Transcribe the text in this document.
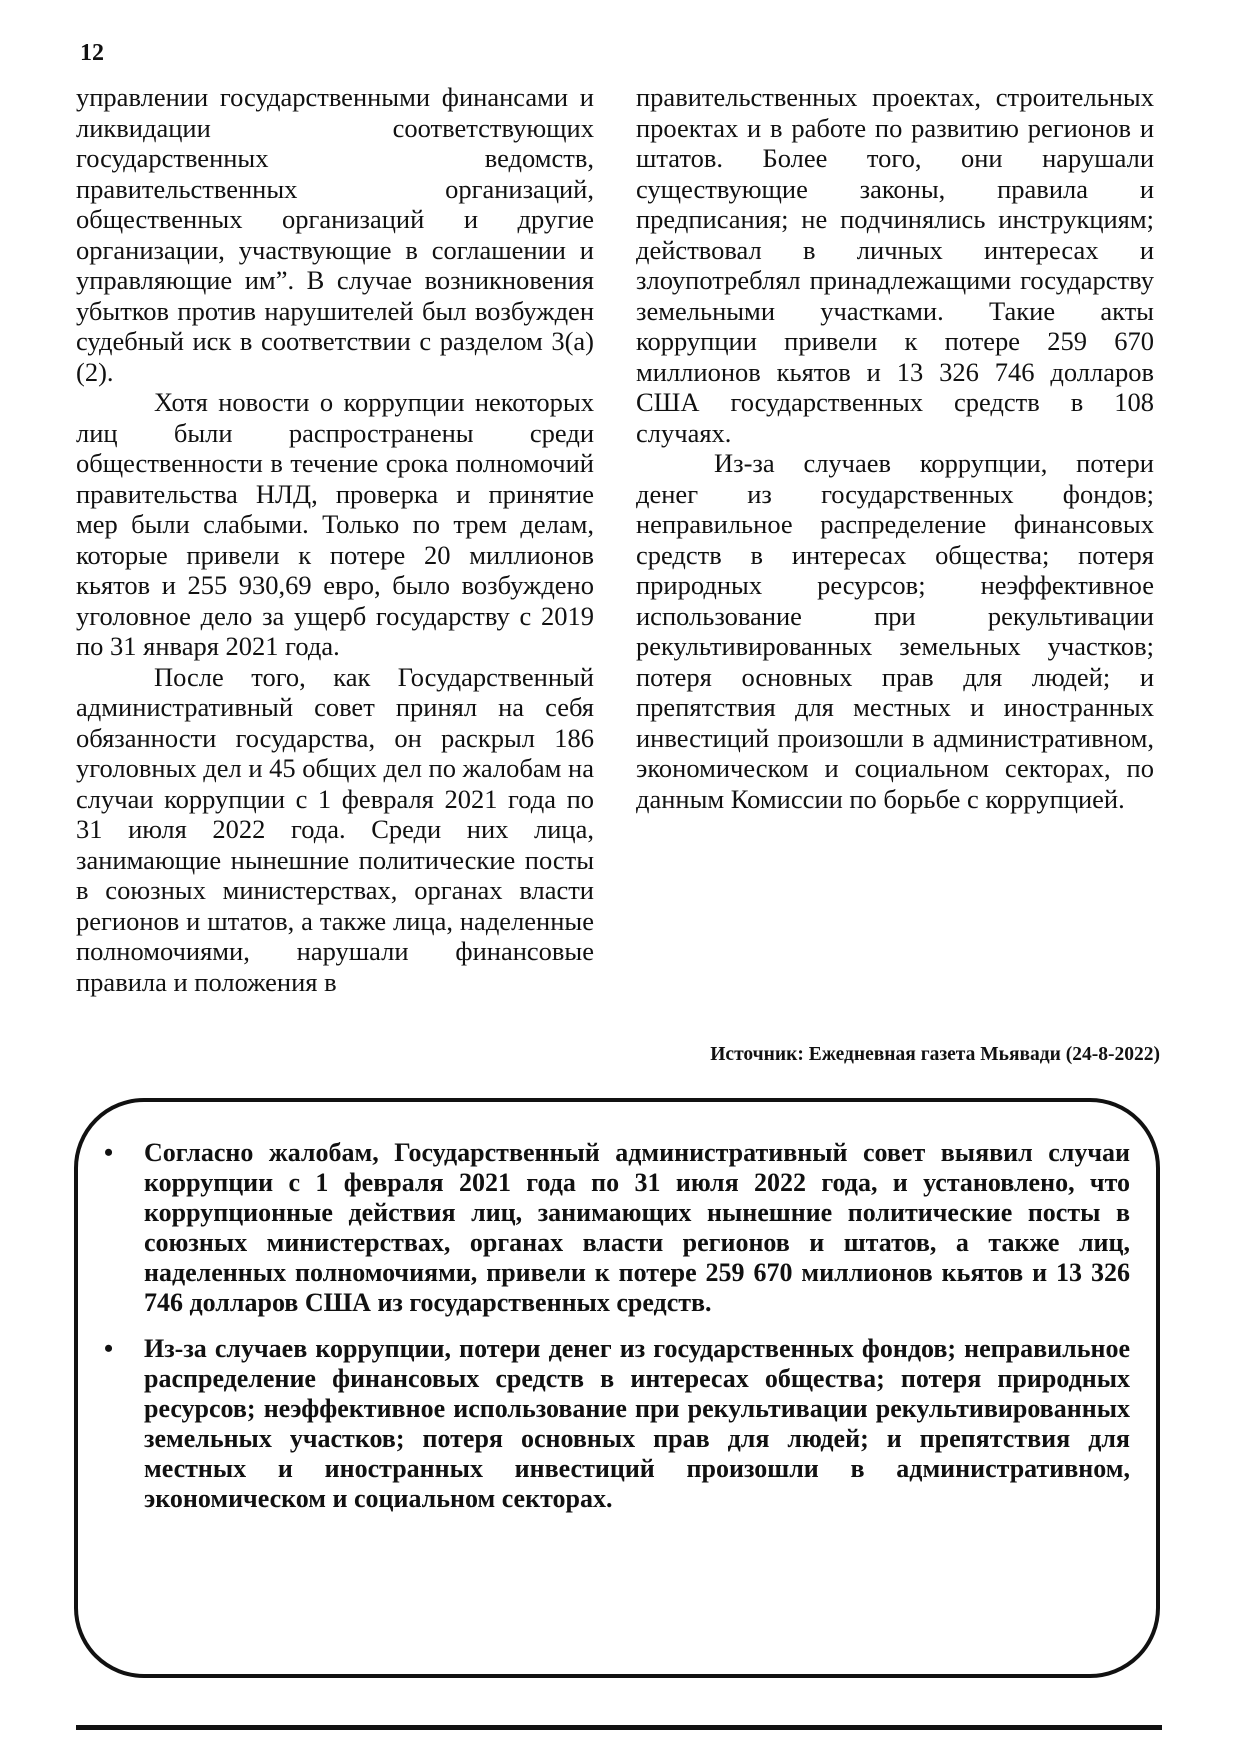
12

управлении государственными финансами и ликвидации соответствующих государственных ведомств, правительственных организаций, общественных организаций и другие организации, участвующие в соглашении и управляющие им”. В случае возникновения убытков против нарушителей был возбужден судебный иск в соответствии с разделом 3(а)(2).

Хотя новости о коррупции некоторых лиц были распространены среди общественности в течение срока полномочий правительства НЛД, проверка и принятие мер были слабыми. Только по трем делам, которые привели к потере 20 миллионов кьятов и 255 930,69 евро, было возбуждено уголовное дело за ущерб государству с 2019 по 31 января 2021 года.

После того, как Государственный административный совет принял на себя обязанности государства, он раскрыл 186 уголовных дел и 45 общих дел по жалобам на случаи коррупции с 1 февраля 2021 года по 31 июля 2022 года. Среди них лица, занимающие нынешние политические посты в союзных министерствах, органах власти регионов и штатов, а также лица, наделенные полномочиями, нарушали финансовые правила и положения в

правительственных проектах, строительных проектах и в работе по развитию регионов и штатов. Более того, они нарушали существующие законы, правила и предписания; не подчинялись инструкциям; действовал в личных интересах и злоупотреблял принадлежащими государству земельными участками. Такие акты коррупции привели к потере 259 670 миллионов кьятов и 13 326 746 долларов США государственных средств в 108 случаях.

Из-за случаев коррупции, потери денег из государственных фондов; неправильное распределение финансовых средств в интересах общества; потеря природных ресурсов; неэффективное использование при рекультивации рекультивированных земельных участков; потеря основных прав для людей; и препятствия для местных и иностранных инвестиций произошли в административном, экономическом и социальном секторах, по данным Комиссии по борьбе с коррупцией.

Источник: Ежедневная газета Мьявади (24-8-2022)

• Согласно жалобам, Государственный административный совет выявил случаи коррупции с 1 февраля 2021 года по 31 июля 2022 года, и установлено, что коррупционные действия лиц, занимающих нынешние политические посты в союзных министерствах, органах власти регионов и штатов, а также лиц, наделенных полномочиями, привели к потере 259 670 миллионов кьятов и 13 326 746 долларов США из государственных средств.
• Из-за случаев коррупции, потери денег из государственных фондов; неправильное распределение финансовых средств в интересах общества; потеря природных ресурсов; неэффективное использование при рекультивации рекультивированных земельных участков; потеря основных прав для людей; и препятствия для местных и иностранных инвестиций произошли в административном, экономическом и социальном секторах.
